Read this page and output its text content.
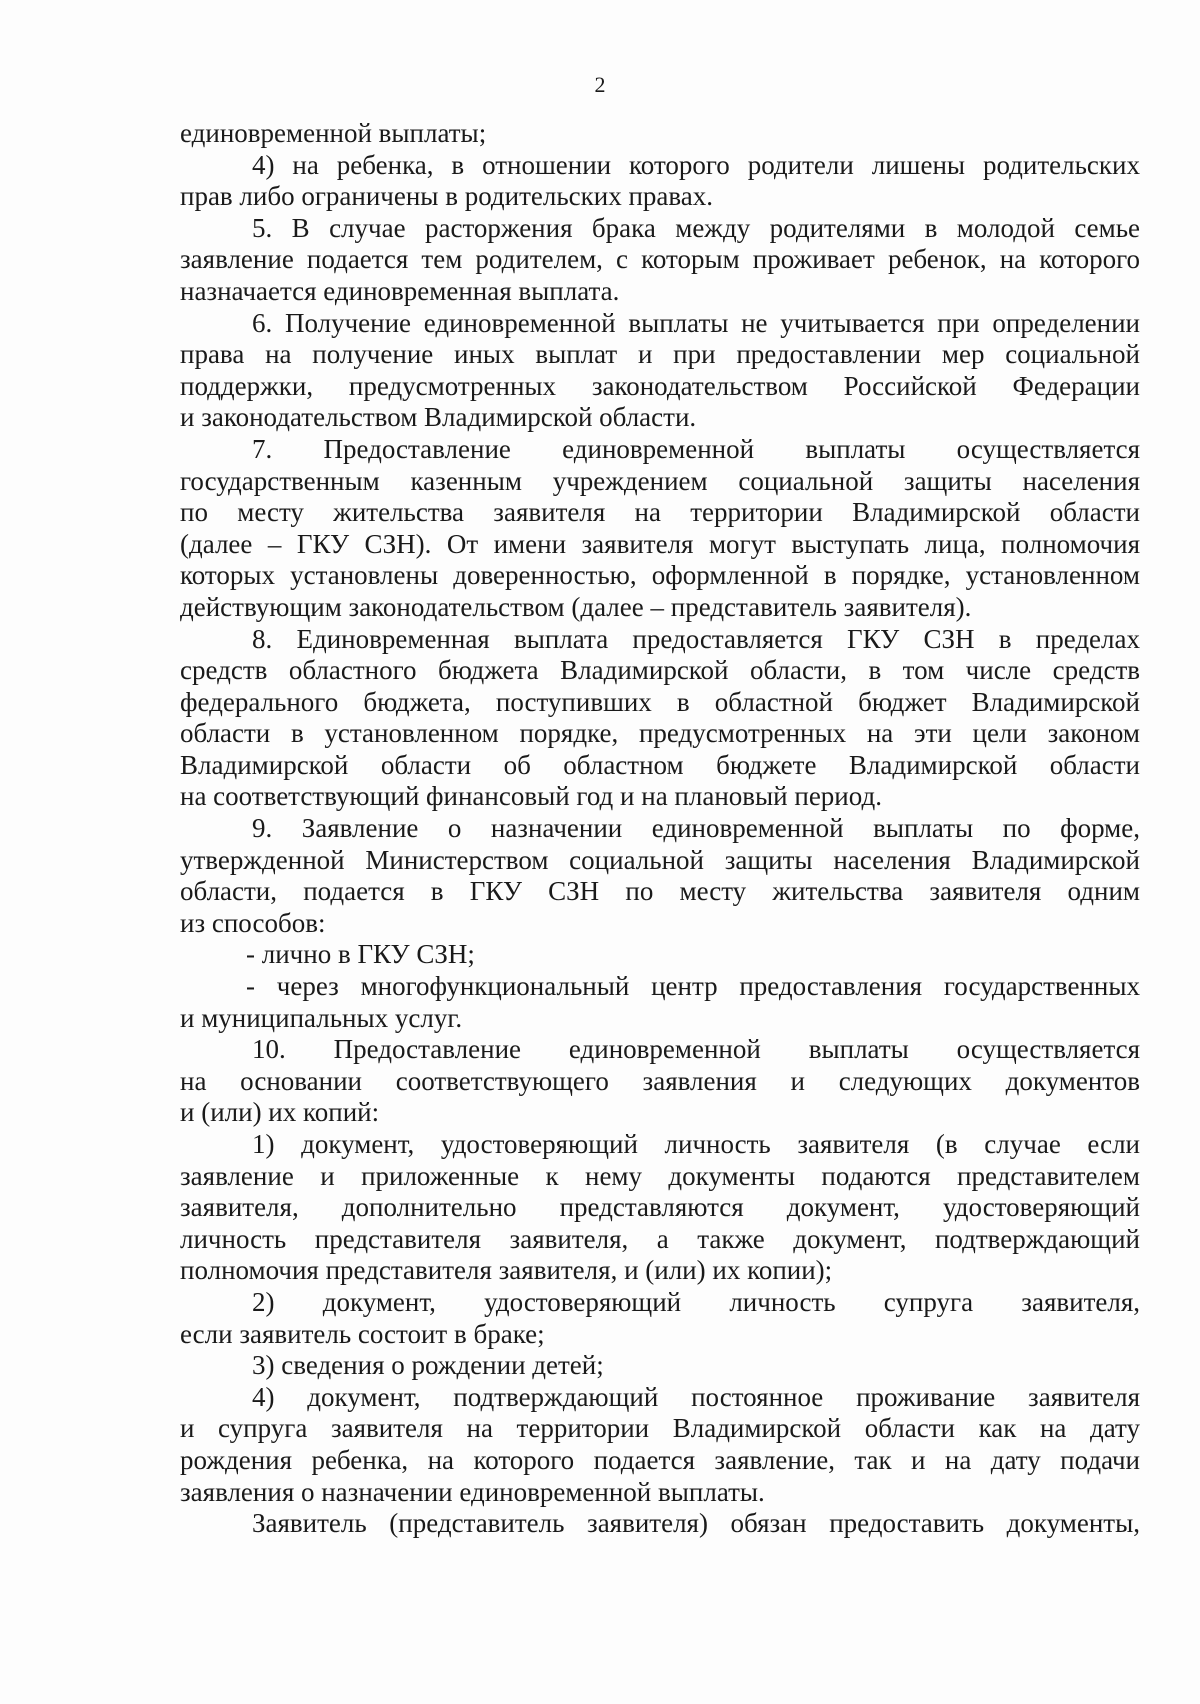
2
единовременной выплаты;
4) на ребенка, в отношении которого родители лишены родительских
прав либо ограничены в родительских правах.
5. В случае расторжения брака между родителями в молодой семье
заявление подается тем родителем, с которым проживает ребенок, на которого
назначается единовременная выплата.
6. Получение единовременной выплаты не учитывается при определении
права на получение иных выплат и при предоставлении мер социальной
поддержки, предусмотренных законодательством Российской Федерации
и законодательством Владимирской области.
7. Предоставление единовременной выплаты осуществляется
государственным казенным учреждением социальной защиты населения
по месту жительства заявителя на территории Владимирской области
(далее – ГКУ СЗН). От имени заявителя могут выступать лица, полномочия
которых установлены доверенностью, оформленной в порядке, установленном
действующим законодательством (далее – представитель заявителя).
8. Единовременная выплата предоставляется ГКУ СЗН в пределах
средств областного бюджета Владимирской области, в том числе средств
федерального бюджета, поступивших в областной бюджет Владимирской
области в установленном порядке, предусмотренных на эти цели законом
Владимирской области об областном бюджете Владимирской области
на соответствующий финансовый год и на плановый период.
9. Заявление о назначении единовременной выплаты по форме,
утвержденной Министерством социальной защиты населения Владимирской
области, подается в ГКУ СЗН по месту жительства заявителя одним
из способов:
- лично в ГКУ СЗН;
- через многофункциональный центр предоставления государственных
и муниципальных услуг.
10. Предоставление единовременной выплаты осуществляется
на основании соответствующего заявления и следующих документов
и (или) их копий:
1) документ, удостоверяющий личность заявителя (в случае если
заявление и приложенные к нему документы подаются представителем
заявителя, дополнительно представляются документ, удостоверяющий
личность представителя заявителя, а также документ, подтверждающий
полномочия представителя заявителя, и (или) их копии);
2) документ, удостоверяющий личность супруга заявителя,
если заявитель состоит в браке;
3) сведения о рождении детей;
4) документ, подтверждающий постоянное проживание заявителя
и супруга заявителя на территории Владимирской области как на дату
рождения ребенка, на которого подается заявление, так и на дату подачи
заявления о назначении единовременной выплаты.
Заявитель (представитель заявителя) обязан предоставить документы,
